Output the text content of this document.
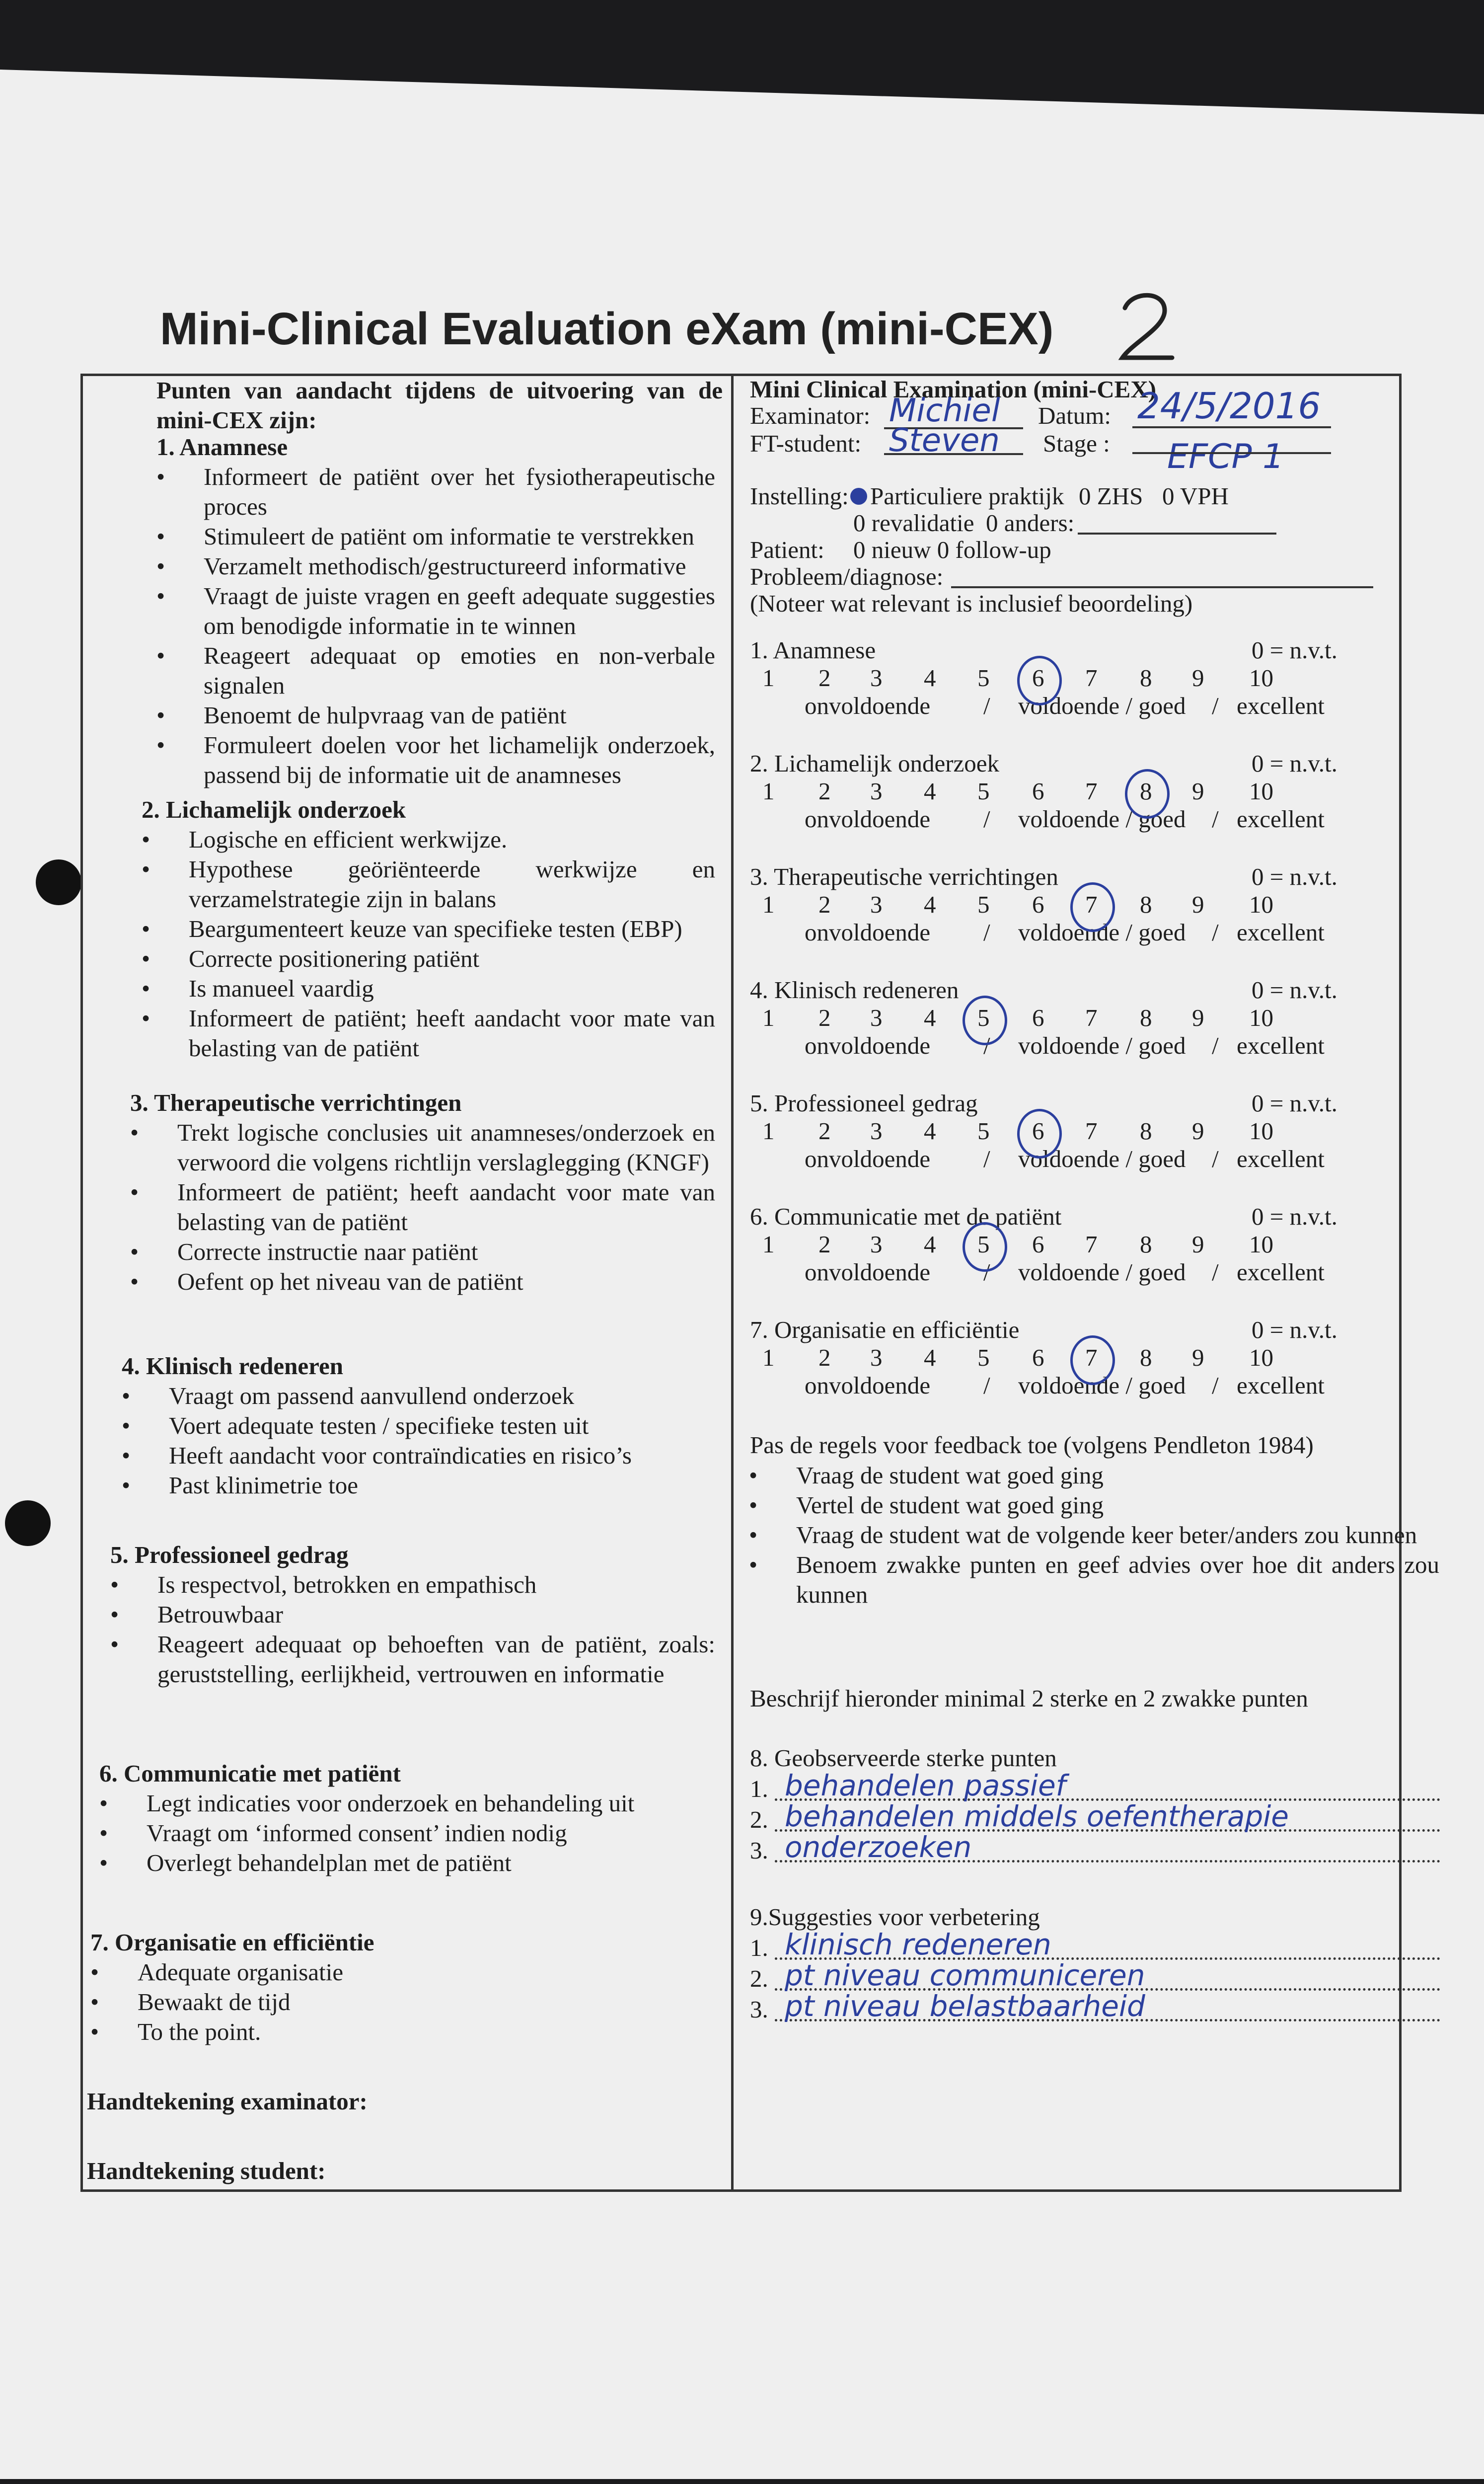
Mini-Clinical Evaluation eXam (mini-CEX)
Punten van aandacht tijdens de uitvoering van de mini-CEX zijn:
1. Anamnese
• Informeert de patiënt over het fysiotherapeutische proces
• Stimuleert de patiënt om informatie te verstrekken
• Verzamelt methodisch/gestructureerd informative
• Vraagt de juiste vragen en geeft adequate suggesties om benodigde informatie in te winnen
• Reageert adequaat op emoties en non-verbale signalen
• Benoemt de hulpvraag van de patiënt
• Formuleert doelen voor het lichamelijk onderzoek, passend bij de informatie uit de anamneses
2. Lichamelijk onderzoek
• Logische en efficient werkwijze.
• Hypothese geöriënteerde werkwijze en verzamelstrategie zijn in balans
• Beargumenteert keuze van specifieke testen (EBP)
• Correcte positionering patiënt
• Is manueel vaardig
• Informeert de patiënt; heeft aandacht voor mate van belasting van de patiënt
3. Therapeutische verrichtingen
• Trekt logische conclusies uit anamneses/onderzoek en verwoord die volgens richtlijn verslaglegging (KNGF)
• Informeert de patiënt; heeft aandacht voor mate van belasting van de patiënt
• Correcte instructie naar patiënt
• Oefent op het niveau van de patiënt
4. Klinisch redeneren
• Vraagt om passend aanvullend onderzoek
• Voert adequate testen / specifieke testen uit
• Heeft aandacht voor contraïndicaties en risico’s
• Past klinimetrie toe
5. Professioneel gedrag
• Is respectvol, betrokken en empathisch
• Betrouwbaar
• Reageert adequaat op behoeften van de patiënt, zoals: geruststelling, eerlijkheid, vertrouwen en informatie
6. Communicatie met patiënt
• Legt indicaties voor onderzoek en behandeling uit
• Vraagt om ‘informed consent’ indien nodig
• Overlegt behandelplan met de patiënt
7. Organisatie en efficiëntie
• Adequate organisatie
• Bewaakt de tijd
• To the point.
Handtekening examinator:
Handtekening student:
Mini Clinical Examination (mini-CEX)
Examinator: Michiel Datum: 24/5/2016
FT-student: Steven Stage : EFCP 1
Instelling: Particuliere praktijk 0 ZHS 0 VPH
0 revalidatie 0 anders:
Patient: 0 nieuw 0 follow-up
Probleem/diagnose:
(Noteer wat relevant is inclusief beoordeling)
1. Anamnese	0 = n.v.t.
1 2 3 4 5 6 7 8 9 10
onvoldoende / voldoende / goed / excellent
2. Lichamelijk onderzoek	0 = n.v.t.
1 2 3 4 5 6 7 8 9 10
onvoldoende / voldoende / goed / excellent
3. Therapeutische verrichtingen	0 = n.v.t.
1 2 3 4 5 6 7 8 9 10
onvoldoende / voldoende / goed / excellent
4. Klinisch redeneren	0 = n.v.t.
1 2 3 4 5 6 7 8 9 10
onvoldoende / voldoende / goed / excellent
5. Professioneel gedrag	0 = n.v.t.
1 2 3 4 5 6 7 8 9 10
onvoldoende / voldoende / goed / excellent
6. Communicatie met de patiënt	0 = n.v.t.
1 2 3 4 5 6 7 8 9 10
onvoldoende / voldoende / goed / excellent
7. Organisatie en efficiëntie	0 = n.v.t.
1 2 3 4 5 6 7 8 9 10
onvoldoende / voldoende / goed / excellent
Pas de regels voor feedback toe (volgens Pendleton 1984)
• Vraag de student wat goed ging
• Vertel de student wat goed ging
• Vraag de student wat de volgende keer beter/anders zou kunnen
• Benoem zwakke punten en geef advies over hoe dit anders zou kunnen
Beschrijf hieronder minimal 2 sterke en 2 zwakke punten
8. Geobserveerde sterke punten
1. behandelen passief
2. behandelen middels oefentherapie
3. onderzoeken
9.Suggesties voor verbetering
1. klinisch redeneren
2. pt niveau communiceren
3. pt niveau belastbaarheid
